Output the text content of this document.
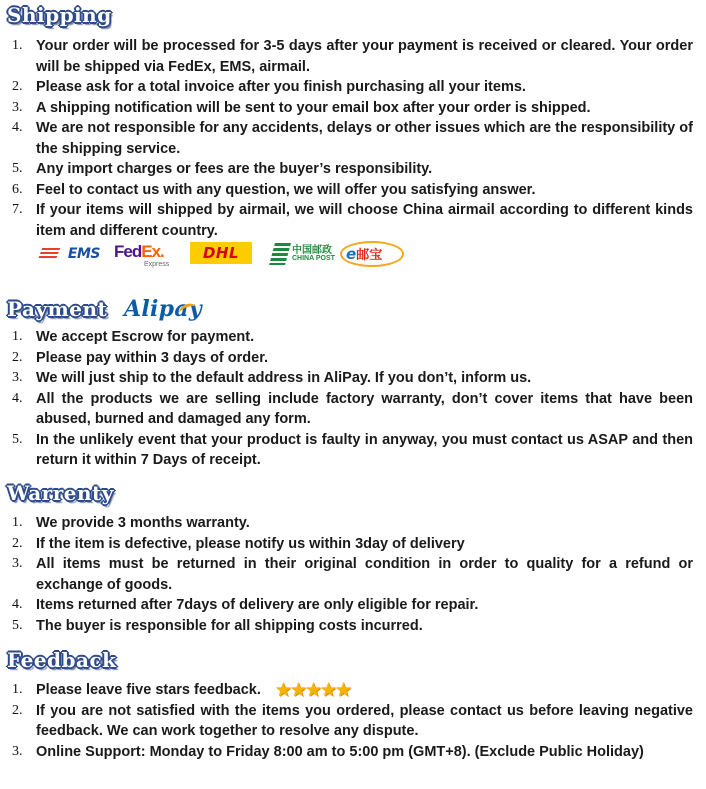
Shipping
1. Your order will be processed for 3-5 days after your payment is received or cleared. Your order will be shipped via FedEx, EMS, airmail.
2. Please ask for a total invoice after you finish purchasing all your items.
3. A shipping notification will be sent to your email box after your order is shipped.
4. We are not responsible for any accidents, delays or other issues which are the responsibility of the shipping service.
5. Any import charges or fees are the buyer’s responsibility.
6. Feel to contact us with any question, we will offer you satisfying answer.
7. If your items will shipped by airmail, we will choose China airmail according to different kinds item and different country.
EMS FedEx.
Express
DHL	中国邮政
CHINA POST e邮宝
Payment Alipay
1. We accept Escrow for payment.
2. Please pay within 3 days of order.
3. We will just ship to the default address in AliPay. If you don’t, inform us.
4. All the products we are selling include factory warranty, don’t cover items that have been abused, burned and damaged any form.
5. In the unlikely event that your product is faulty in anyway, you must contact us ASAP and then return it within 7 Days of receipt.
Warrenty
1. We provide 3 months warranty.
2. If the item is defective, please notify us within 3day of delivery
3. All items must be returned in their original condition in order to quality for a refund or exchange of goods.
4. Items returned after 7days of delivery are only eligible for repair.
5. The buyer is responsible for all shipping costs incurred.
Feedback
1. Please leave five stars feedback. ★★★★★
2. If you are not satisfied with the items you ordered, please contact us before leaving negative feedback. We can work together to resolve any dispute.
3. Online Support: Monday to Friday 8:00 am to 5:00 pm (GMT+8). (Exclude Public Holiday)
